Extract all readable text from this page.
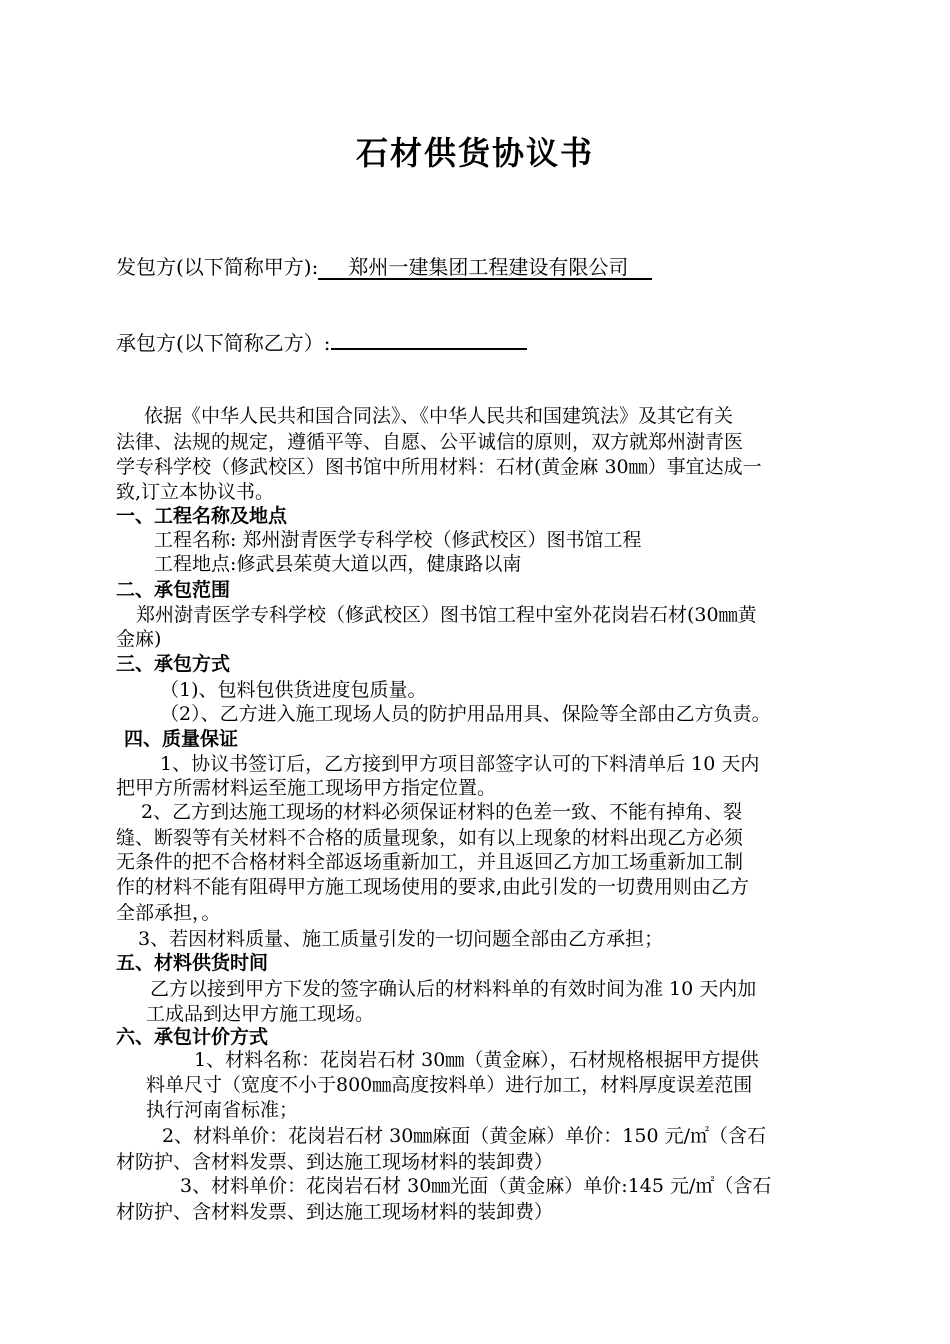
石材供货协议书
发包方(以下简称甲方): 郑州一建集团工程建设有限公司
承包方(以下简称乙方）:
依据《中华人民共和国合同法》、《中华人民共和国建筑法》及其它有关
法律、法规的规定，遵循平等、自愿、公平诚信的原则，双方就郑州澍青医
学专科学校（修武校区）图书馆中所用材料：石材(黄金麻 30㎜）事宜达成一
致,订立本协议书。
一、工程名称及地点
工程名称: 郑州澍青医学专科学校（修武校区）图书馆工程
工程地点:修武县茱萸大道以西，健康路以南
二、承包范围
郑州澍青医学专科学校（修武校区）图书馆工程中室外花岗岩石材(30㎜黄
金麻)
三、承包方式
（1)、包料包供货进度包质量。
（2）、乙方进入施工现场人员的防护用品用具、保险等全部由乙方负责。
四、质量保证
1、协议书签订后，乙方接到甲方项目部签字认可的下料清单后 10 天内
把甲方所需材料运至施工现场甲方指定位置。
2、乙方到达施工现场的材料必须保证材料的色差一致、不能有掉角、裂
缝、断裂等有关材料不合格的质量现象，如有以上现象的材料出现乙方必须
无条件的把不合格材料全部返场重新加工，并且返回乙方加工场重新加工制
作的材料不能有阻碍甲方施工现场使用的要求,由此引发的一切费用则由乙方
全部承担，。
3、若因材料质量、施工质量引发的一切问题全部由乙方承担；
五、材料供货时间
乙方以接到甲方下发的签字确认后的材料料单的有效时间为准 10 天内加
工成品到达甲方施工现场。
六、承包计价方式
1、材料名称：花岗岩石材 30㎜（黄金麻），石材规格根据甲方提供
料单尺寸（宽度不小于800㎜高度按料单）进行加工，材料厚度误差范围
执行河南省标准；
2、材料单价：花岗岩石材 30㎜麻面（黄金麻）单价：150 元/㎡（含石
材防护、含材料发票、到达施工现场材料的装卸费）
3、材料单价：花岗岩石材 30㎜光面（黄金麻）单价:145 元/㎡（含石
材防护、含材料发票、到达施工现场材料的装卸费）
